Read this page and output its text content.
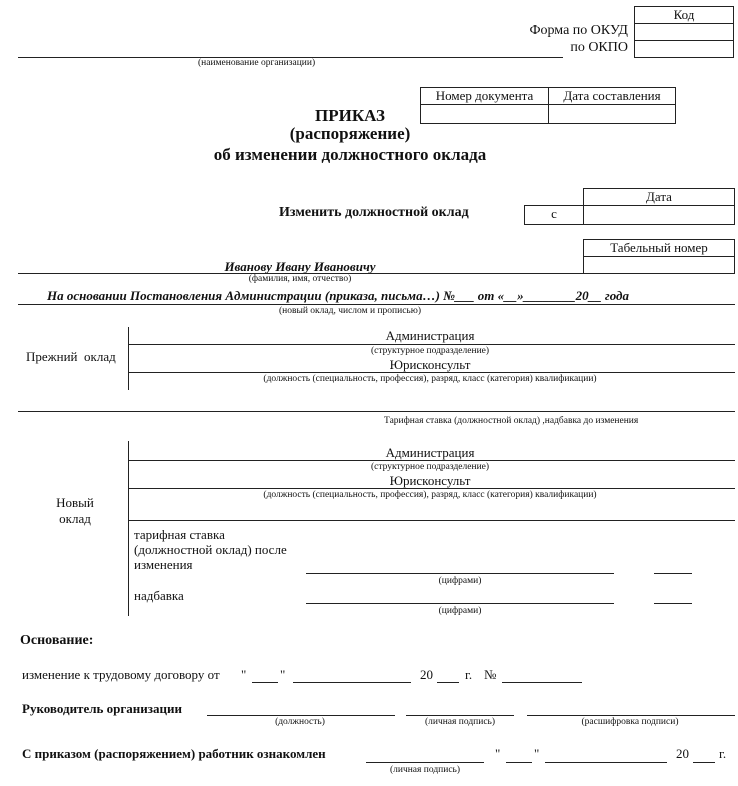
Код
Форма по ОКУД
по ОКПО
(наименование организации)
Номер документа	Дата составления
ПРИКАЗ
(распоряжение)
об изменении должностного оклада
Дата
с
Изменить должностной оклад
Табельный номер
Иванову Ивану Ивановичу
(фамилия, имя, отчество)
На основании Постановления Администрации (приказа, письма…) №___ от «__»________20__ года
(новый оклад, числом и прописью)
Прежний  оклад
Администрация
(структурное подразделение)
Юрисконсульт
(должность (специальность, профессия), разряд, класс (категория) квалификации)
Тарифная ставка (должностной оклад) ,надбавка до изменения
Новый
оклад
Администрация
(структурное подразделение)
Юрисконсульт
(должность (специальность, профессия), разряд, класс (категория) квалификации)
тарифная ставка
(должностной оклад) после
изменения
(цифрами)
надбавка
(цифрами)
Основание:
изменение к трудовому договору от "	"	20 г. №
Руководитель организации
(должность)	(личная подпись)	(расшифровка подписи)
С приказом (распоряжением) работник ознакомлен
(личная подпись)
"	"	20 г.
